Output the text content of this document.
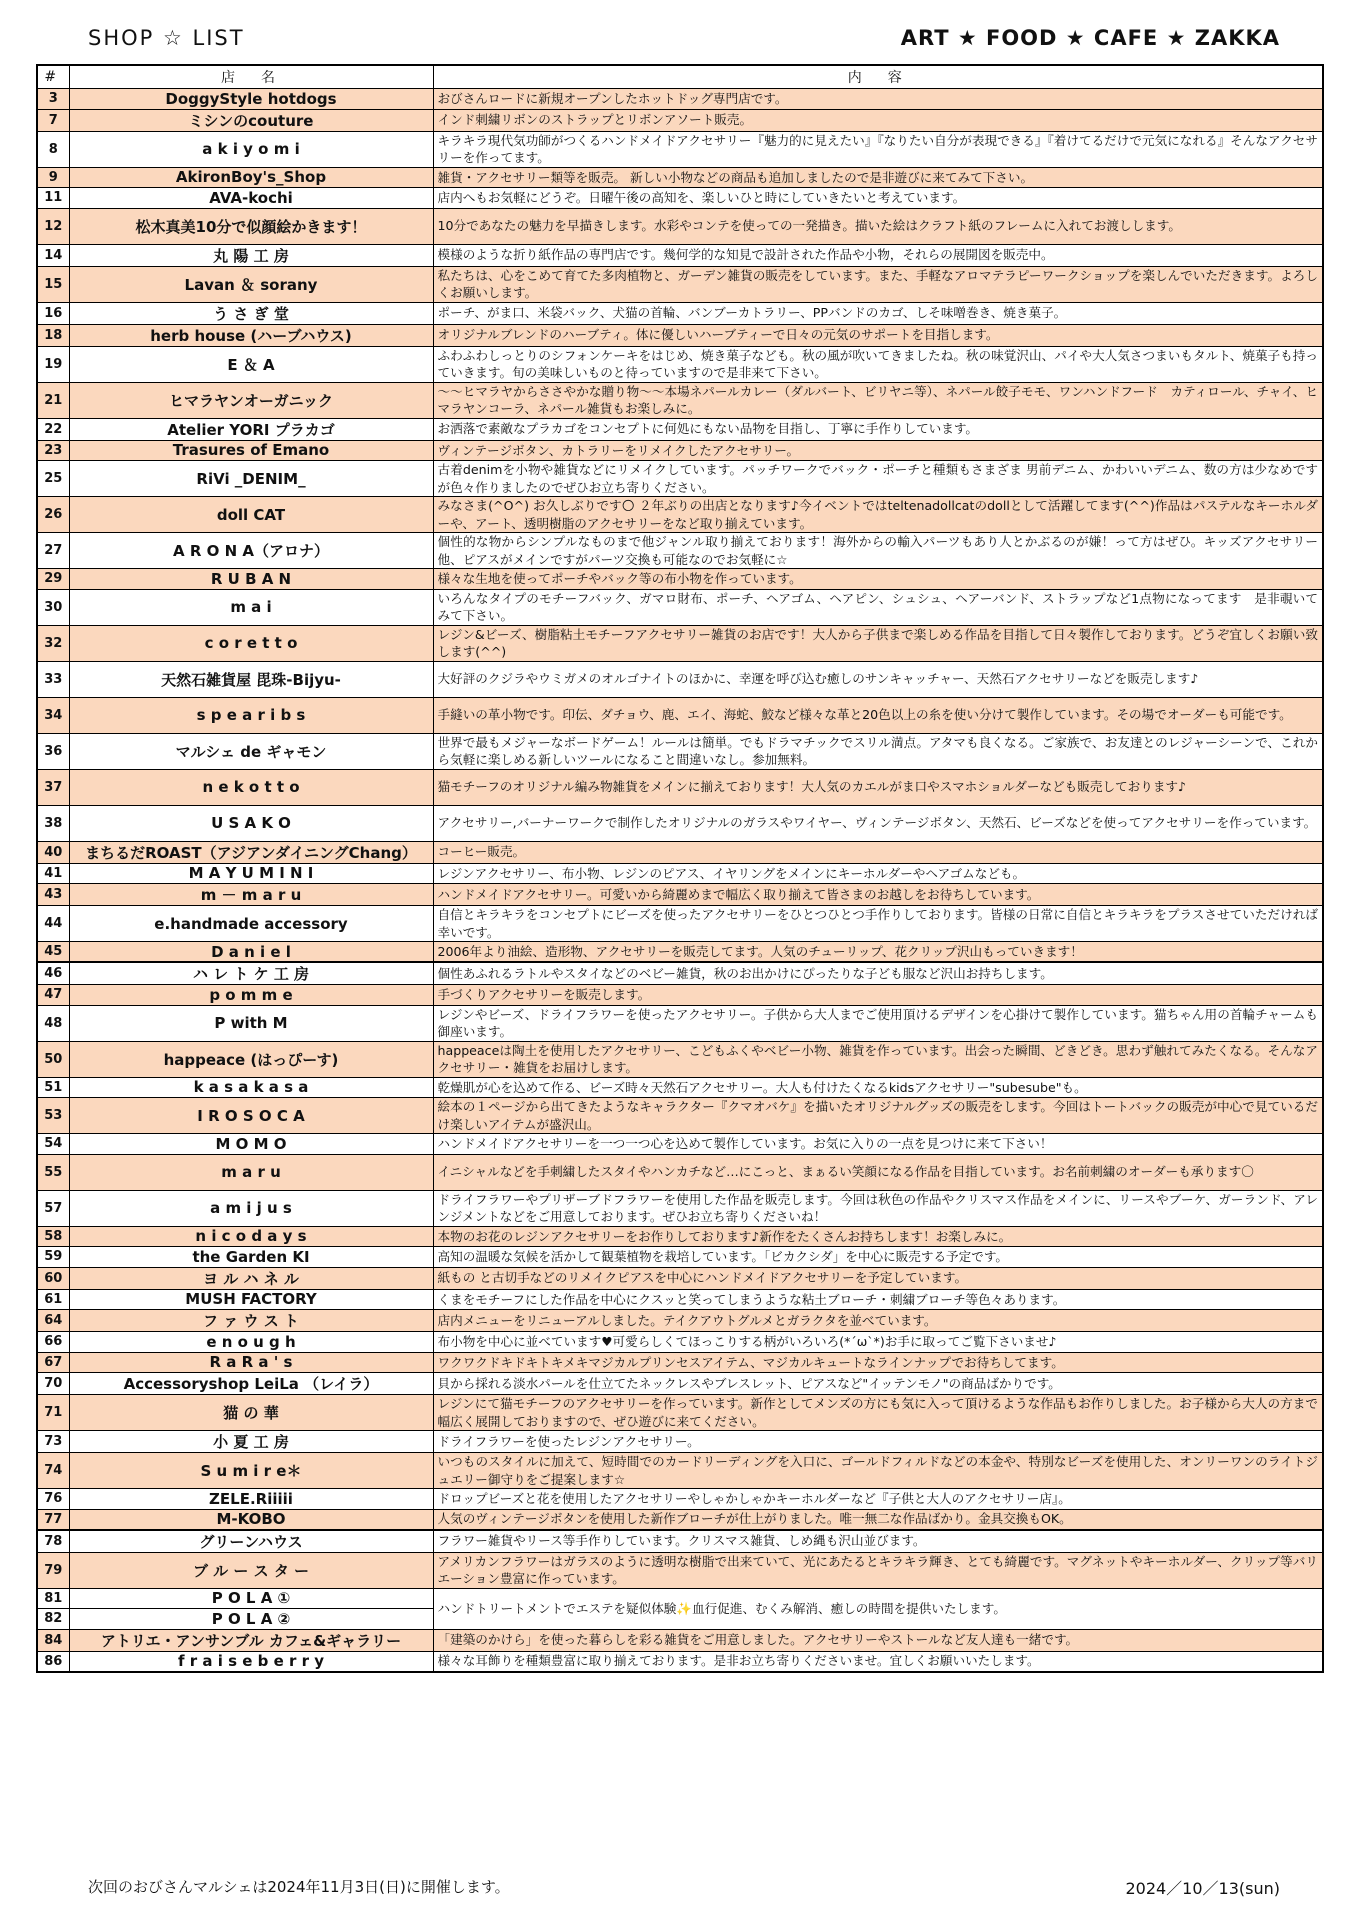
SHOP ☆ LIST	ART ★ FOOD ★ CAFE ★ ZAKKA
#	店　名	内　容
3	DoggyStyle hotdogs	おびさんロードに新規オープンしたホットドッグ専門店です。
7	ミシンのcouture	インド刺繍リボンのストラップとリボンアソート販売。
8	a k i y o m i	キラキラ現代気功師がつくるハンドメイドアクセサリー『魅力的に見えたい』『なりたい自分が表現できる』『着けてるだけで元気になれる』そんなアクセサリーを作ってます。
9	AkironBoy's_Shop	雑貨・アクセサリー類等を販売。 新しい小物などの商品も追加しましたので是非遊びに来てみて下さい。
11	AVA-kochi	店内へもお気軽にどうぞ。日曜午後の高知を、楽しいひと時にしていきたいと考えています。
12	松木真美10分で似顔絵かきます！	10分であなたの魅力を早描きします。水彩やコンテを使っての一発描き。描いた絵はクラフト紙のフレームに入れてお渡しします。
14	丸 陽 工 房	模様のような折り紙作品の専門店です。幾何学的な知見で設計された作品や小物，それらの展開図を販売中。
15	Lavan ＆ sorany	私たちは、心をこめて育てた多肉植物と、ガーデン雑貨の販売をしています。また、手軽なアロマテラピーワークショップを楽しんでいただきます。よろしくお願いします。
16	う さ ぎ 堂	ポーチ、がま口、米袋バック、犬猫の首輪、バンブーカトラリー、PPバンドのカゴ、しそ味噌巻き、焼き菓子。
18	herb house (ハーブハウス)	オリジナルブレンドのハーブティ。体に優しいハーブティーで日々の元気のサポートを目指します。
19	E ＆ A	ふわふわしっとりのシフォンケーキをはじめ、焼き菓子なども。秋の風が吹いてきましたね。秋の味覚沢山、パイや大人気さつまいもタルト、焼菓子も持っていきます。旬の美味しいものと待っていますので是非来て下さい。
21	ヒマラヤンオーガニック	～～ヒマラヤからささやかな贈り物～～本場ネパールカレー（ダルバート、ビリヤニ等）、ネパール餃子モモ、ワンハンドフード　カティロール、チャイ、ヒマラヤンコーラ、ネパール雑貨もお楽しみに。
22	Atelier YORI プラカゴ	お洒落で素敵なプラカゴをコンセプトに何処にもない品物を目指し、丁寧に手作りしています。
23	Trasures of Emano	ヴィンテージボタン、カトラリーをリメイクしたアクセサリー。
25	RiVi _DENIM_	古着denimを小物や雑貨などにリメイクしています。パッチワークでバック・ポーチと種類もさまざま 男前デニム、かわいいデニム、数の方は少なめですが色々作りましたのでぜひお立ち寄りください。
26	doll CAT	みなさま(^O^) お久しぶりです🌕 ２年ぶりの出店となります♪今イベントではteltenadollcatのdollとして活躍してます(^^)作品はパステルなキーホルダーや、アート、透明樹脂のアクセサリーをなど取り揃えています。
27	A R O N A（アロナ）	個性的な物からシンプルなものまで他ジャンル取り揃えております！海外からの輸入パーツもあり人とかぶるのが嫌！って方はぜひ。キッズアクセサリー他、ピアスがメインですがパーツ交換も可能なのでお気軽に☆
29	R U B A N	様々な生地を使ってポーチやバック等の布小物を作っています。
30	m a i	いろんなタイプのモチーフバック、ガマロ財布、ポーチ、ヘアゴム、ヘアピン、シュシュ、ヘアーバンド、ストラップなど1点物になってます　是非覗いてみて下さい。
32	c o r e t t o	レジン&ビーズ、樹脂粘土モチーフアクセサリー雑貨のお店です！大人から子供まで楽しめる作品を目指して日々製作しております。どうぞ宜しくお願い致します(^^)
33	天然石雑貨屋 毘珠-Bijyu-	大好評のクジラやウミガメのオルゴナイトのほかに、幸運を呼び込む癒しのサンキャッチャー、天然石アクセサリーなどを販売します♪
34	s p e a r i b s	手縫いの革小物です。印伝、ダチョウ、鹿、エイ、海蛇、鮫など様々な革と20色以上の糸を使い分けて製作しています。その場でオーダーも可能です。
36	マルシェ de ギャモン	世界で最もメジャーなボードゲーム！ルールは簡単。でもドラマチックでスリル満点。アタマも良くなる。ご家族で、お友達とのレジャーシーンで、これから気軽に楽しめる新しいツールになること間違いなし。参加無料。
37	n e k o t t o	猫モチーフのオリジナル編み物雑貨をメインに揃えております！大人気のカエルがま口やスマホショルダーなども販売しております♪
38	U S A K O	アクセサリー,バーナーワークで制作したオリジナルのガラスやワイヤー、ヴィンテージボタン、天然石、ビーズなどを使ってアクセサリーを作っています。
40	まちるだROAST（アジアンダイニングChang）	コーヒー販売。
41	M A Y U M I N I	レジンアクセサリー、布小物、レジンのピアス、イヤリングをメインにキーホルダーやヘアゴムなども。
43	m － m a r u	ハンドメイドアクセサリー。可愛いから綺麗めまで幅広く取り揃えて皆さまのお越しをお待ちしています。
44	e.handmade accessory	自信とキラキラをコンセプトにビーズを使ったアクセサリーをひとつひとつ手作りしております。皆様の日常に自信とキラキラをプラスさせていただければ幸いです。
45	D a n i e l	2006年より油絵、造形物、アクセサリーを販売してます。人気のチューリップ、花クリップ沢山もっていきます！
46	ハ レ ト ケ 工 房	個性あふれるラトルやスタイなどのベビー雑貨，秋のお出かけにぴったりな子ども服など沢山お持ちします。
47	p o m m e	手づくりアクセサリーを販売します。
48	P with M	レジンやビーズ、ドライフラワーを使ったアクセサリー。子供から大人までご使用頂けるデザインを心掛けて製作しています。猫ちゃん用の首輪チャームも御座います。
50	happeace (はっぴーす)	happeaceは陶土を使用したアクセサリー、こどもふくやベビー小物、雑貨を作っています。出会った瞬間、どきどき。思わず触れてみたくなる。そんなアクセサリー・雑貨をお届けします。
51	k a s a k a s a	乾燥肌が心を込めて作る、ビーズ時々天然石アクセサリー。大人も付けたくなるkidsアクセサリー"subesube"も。
53	I R O S O C A	絵本の１ページから出てきたようなキャラクター『クマオバケ』を描いたオリジナルグッズの販売をします。今回はトートバックの販売が中心で見ているだけ楽しいアイテムが盛沢山。
54	M O M O	ハンドメイドアクセサリーを一つ一つ心を込めて製作しています。お気に入りの一点を見つけに来て下さい！
55	m a r u	イニシャルなどを手刺繍したスタイやハンカチなど…にこっと、まぁるい笑顔になる作品を目指しています。お名前刺繍のオーダーも承ります〇
57	a m i j u s	ドライフラワーやプリザーブドフラワーを使用した作品を販売します。今回は秋色の作品やクリスマス作品をメインに、リースやブーケ、ガーランド、アレンジメントなどをご用意しております。ぜひお立ち寄りくださいね！
58	n i c o d a y s	本物のお花のレジンアクセサリーをお作りしております♪新作をたくさんお持ちします！お楽しみに。
59	the Garden KI	高知の温暖な気候を活かして観葉植物を栽培しています。「ビカクシダ」を中心に販売する予定です。
60	ヨ ル ハ ネ ル	紙もの と古切手などのリメイクピアスを中心にハンドメイドアクセサリーを予定しています。
61	MUSH FACTORY	くまをモチーフにした作品を中心にクスッと笑ってしまうような粘土ブローチ・刺繍ブローチ等色々あります。
64	フ ァ ウ ス ト	店内メニューをリニューアルしました。テイクアウトグルメとガラクタを並べています。
66	e n o u g h	布小物を中心に並べています♥可愛らしくてほっこりする柄がいろいろ(*´ω`*)お手に取ってご覧下さいませ♪
67	R a R a ' s	ワクワクドキドキトキメキマジカルプリンセスアイテム、マジカルキュートなラインナップでお待ちしてます。
70	Accessoryshop LeiLa （レイラ）	貝から採れる淡水パールを仕立てたネックレスやブレスレット、ピアスなど"イッテンモノ"の商品ばかりです。
71	猫 の 華	レジンにて猫モチーフのアクセサリーを作っています。新作としてメンズの方にも気に入って頂けるような作品もお作りしました。お子様から大人の方まで幅広く展開しておりますので、ぜひ遊びに来てください。
73	小 夏 工 房	ドライフラワーを使ったレジンアクセサリー。
74	S u m i r e＊	いつものスタイルに加えて、短時間でのカードリーディングを入口に、ゴールドフィルドなどの本金や、特別なビーズを使用した、オンリーワンのライトジュエリー御守りをご提案します☆
76	ZELE.Riiiii	ドロップビーズと花を使用したアクセサリーやしゃかしゃかキーホルダーなど『子供と大人のアクセサリー店』。
77	M-KOBO	人気のヴィンテージボタンを使用した新作ブローチが仕上がりました。唯一無二な作品ばかり。金具交換もOK。
78	グリーンハウス	フラワー雑貨やリース等手作りしています。クリスマス雑貨、しめ縄も沢山並びます。
79	ブ ル ー ス タ ー	アメリカンフラワーはガラスのように透明な樹脂で出来ていて、光にあたるとキラキラ輝き、とても綺麗です。マグネットやキーホルダー、クリップ等バリエーション豊富に作っています。
81	P O L A ①	ハンドトリートメントでエステを疑似体験✨血行促進、むくみ解消、癒しの時間を提供いたします。
82	P O L A ②	
84	アトリエ・アンサンブル カフェ&ギャラリー	「建築のかけら」を使った暮らしを彩る雑貨をご用意しました。アクセサリーやストールなど友人達も一緒です。
86	f r a i s e b e r r y	様々な耳飾りを種類豊富に取り揃えております。是非お立ち寄りくださいませ。宜しくお願いいたします。
次回のおびさんマルシェは2024年11月3日(日)に開催します。	2024／10／13(sun)
